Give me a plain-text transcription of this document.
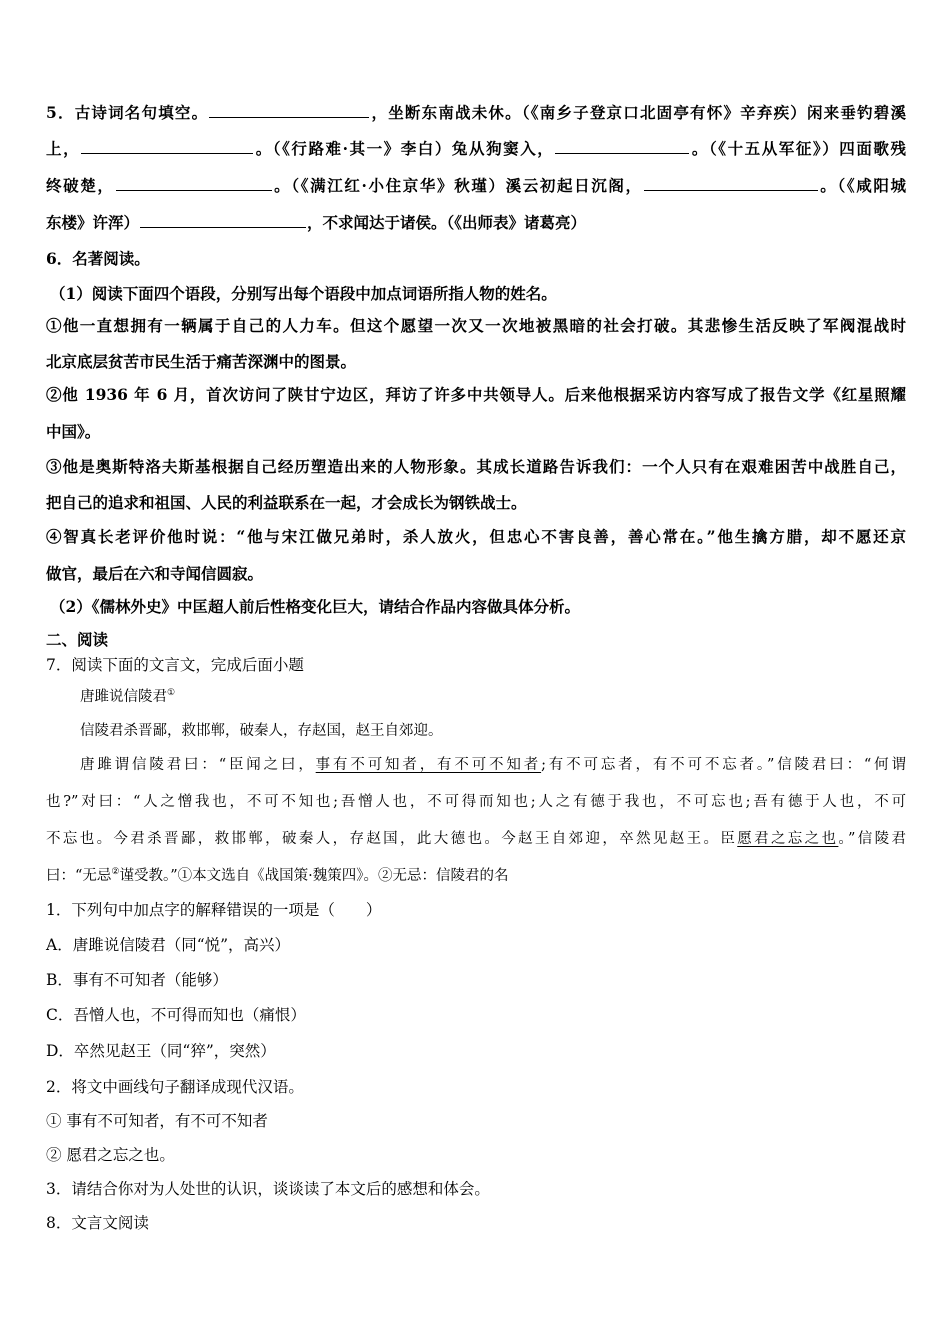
5．古诗词名句填空。	，坐断东南战未休。（《南乡子登京口北固亭有怀》辛弃疾）闲来垂钓碧溪
上，	。（《行路难·其一》李白）兔从狗窦入，	。（《十五从军征》）四面歌残
终破楚，	。（《满江红·小住京华》秋瑾）溪云初起日沉阁，	。（《咸阳城
东楼》许浑）	，不求闻达于诸侯。（《出师表》诸葛亮）
6．名著阅读。
（1）阅读下面四个语段，分别写出每个语段中加点词语所指人物的姓名。
①他一直想拥有一辆属于自己的人力车。但这个愿望一次又一次地被黑暗的社会打破。其悲惨生活反映了军阀混战时
北京底层贫苦市民生活于痛苦深渊中的图景。
②他 1936 年 6 月，首次访问了陕甘宁边区，拜访了许多中共领导人。后来他根据采访内容写成了报告文学《红星照耀
中国》。
③他是奥斯特洛夫斯基根据自己经历塑造出来的人物形象。其成长道路告诉我们：一个人只有在艰难困苦中战胜自己，
把自己的追求和祖国、人民的利益联系在一起，才会成长为钢铁战士。
④智真长老评价他时说：“他与宋江做兄弟时，杀人放火，但忠心不害良善，善心常在。”他生擒方腊，却不愿还京
做官，最后在六和寺闻信圆寂。
（2）《儒林外史》中匡超人前后性格变化巨大，请结合作品内容做具体分析。
二、阅读
7．阅读下面的文言文，完成后面小题
唐雎说信陵君①
信陵君杀晋鄙，救邯郸，破秦人，存赵国，赵王自郊迎。
唐雎谓信陵君曰：“臣闻之曰，事有不可知者，有不可不知者;有不可忘者，有不可不忘者。”信陵君曰：“何谓
也?”对曰：“人之憎我也，不可不知也;吾憎人也，不可得而知也;人之有德于我也，不可忘也;吾有德于人也，不可
不忘也。今君杀晋鄙，救邯郸，破秦人，存赵国，此大德也。今赵王自郊迎，卒然见赵王。臣愿君之忘之也。”信陵君
曰：“无忌②谨受教。”①本文选自《战国策·魏策四》。②无忌：信陵君的名
1．下列句中加点字的解释错误的一项是（　　）
A．唐雎说信陵君（同“悦”，高兴）
B．事有不可知者（能够）
C．吾憎人也，不可得而知也（痛恨）
D．卒然见赵王（同“猝”，突然）
2．将文中画线句子翻译成现代汉语。
① 事有不可知者，有不可不知者
② 愿君之忘之也。
3．请结合你对为人处世的认识，谈谈读了本文后的感想和体会。
8．文言文阅读
